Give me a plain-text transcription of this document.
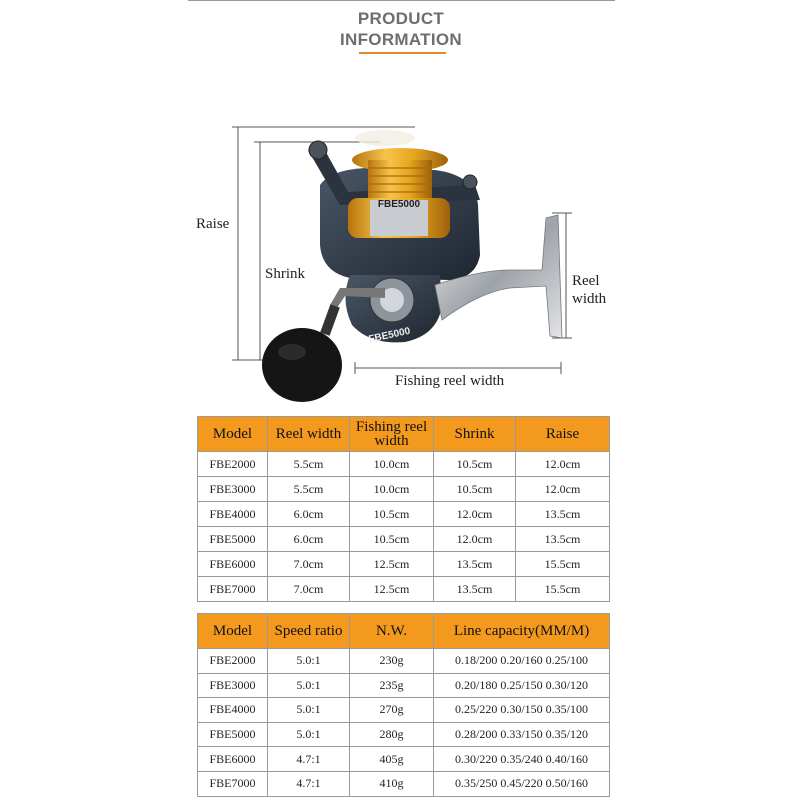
PRODUCT
INFORMATION
FBE5000
FBE5000
Raise
Shrink	Reel
width
Fishing reel width
Model	Reel width	Fishing reel width	Shrink	Raise
FBE2000	5.5cm	10.0cm	10.5cm	12.0cm
FBE3000	5.5cm	10.0cm	10.5cm	12.0cm
FBE4000	6.0cm	10.5cm	12.0cm	13.5cm
FBE5000	6.0cm	10.5cm	12.0cm	13.5cm
FBE6000	7.0cm	12.5cm	13.5cm	15.5cm
FBE7000	7.0cm	12.5cm	13.5cm	15.5cm
Model	Speed ratio	N.W.	Line capacity(MM/M)
FBE2000	5.0:1	230g	0.18/200 0.20/160 0.25/100
FBE3000	5.0:1	235g	0.20/180 0.25/150 0.30/120
FBE4000	5.0:1	270g	0.25/220 0.30/150 0.35/100
FBE5000	5.0:1	280g	0.28/200 0.33/150 0.35/120
FBE6000	4.7:1	405g	0.30/220 0.35/240 0.40/160
FBE7000	4.7:1	410g	0.35/250 0.45/220 0.50/160
